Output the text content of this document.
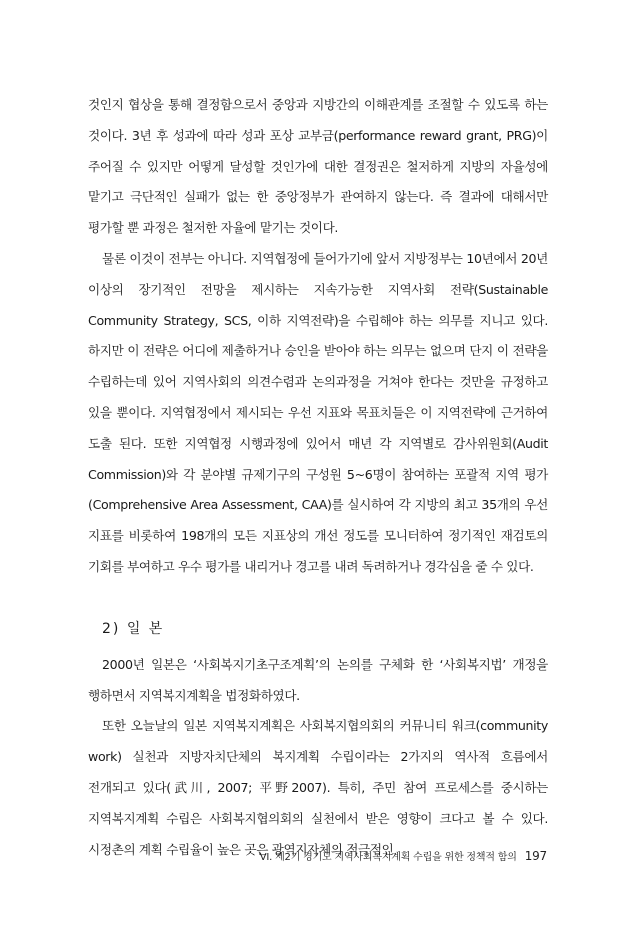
것인지 협상을 통해 결정함으로서 중앙과 지방간의 이해관계를 조절할 수 있도록 하는 것이다. 3년 후 성과에 따라 성과 포상 교부금(performance reward grant, PRG)이 주어질 수 있지만 어떻게 달성할 것인가에 대한 결정권은 철저하게 지방의 자율성에 맡기고 극단적인 실패가 없는 한 중앙정부가 관여하지 않는다. 즉 결과에 대해서만 평가할 뿐 과정은 철저한 자율에 맡기는 것이다.

물론 이것이 전부는 아니다. 지역협정에 들어가기에 앞서 지방정부는 10년에서 20년 이상의 장기적인 전망을 제시하는 지속가능한 지역사회 전략(Sustainable Community Strategy, SCS, 이하 지역전략)을 수립해야 하는 의무를 지니고 있다. 하지만 이 전략은 어디에 제출하거나 승인을 받아야 하는 의무는 없으며 단지 이 전략을 수립하는데 있어 지역사회의 의견수렴과 논의과정을 거쳐야 한다는 것만을 규정하고 있을 뿐이다. 지역협정에서 제시되는 우선 지표와 목표치들은 이 지역전략에 근거하여 도출 된다. 또한 지역협정 시행과정에 있어서 매년 각 지역별로 감사위원회(Audit Commission)와 각 분야별 규제기구의 구성원 5~6명이 참여하는 포괄적 지역 평가(Comprehensive Area Assessment, CAA)를 실시하여 각 지방의 최고 35개의 우선 지표를 비롯하여 198개의 모든 지표상의 개선 정도를 모니터하여 정기적인 재검토의 기회를 부여하고 우수 평가를 내리거나 경고를 내려 독려하거나 경각심을 줄 수 있다.

2) 일 본

2000년 일본은 ‘사회복지기초구조계획’의 논의를 구체화 한 ‘사회복지법’ 개정을 행하면서 지역복지계획을 법정화하였다.

또한 오늘날의 일본 지역복지계획은 사회복지협의회의 커뮤니티 워크(community work) 실천과 지방자치단체의 복지계획 수립이라는 2가지의 역사적 흐름에서 전개되고 있다(武川, 2007; 平野2007). 특히, 주민 참여 프로세스를 중시하는 지역복지계획 수립은 사회복지협의회의 실천에서 받은 영향이 크다고 볼 수 있다. 시정촌의 계획 수립율이 높은 곳은 광역지자체의 적극적인

VI. 제2기 경기도 지역사회복지계획 수립을 위한 정책적 함의 197
